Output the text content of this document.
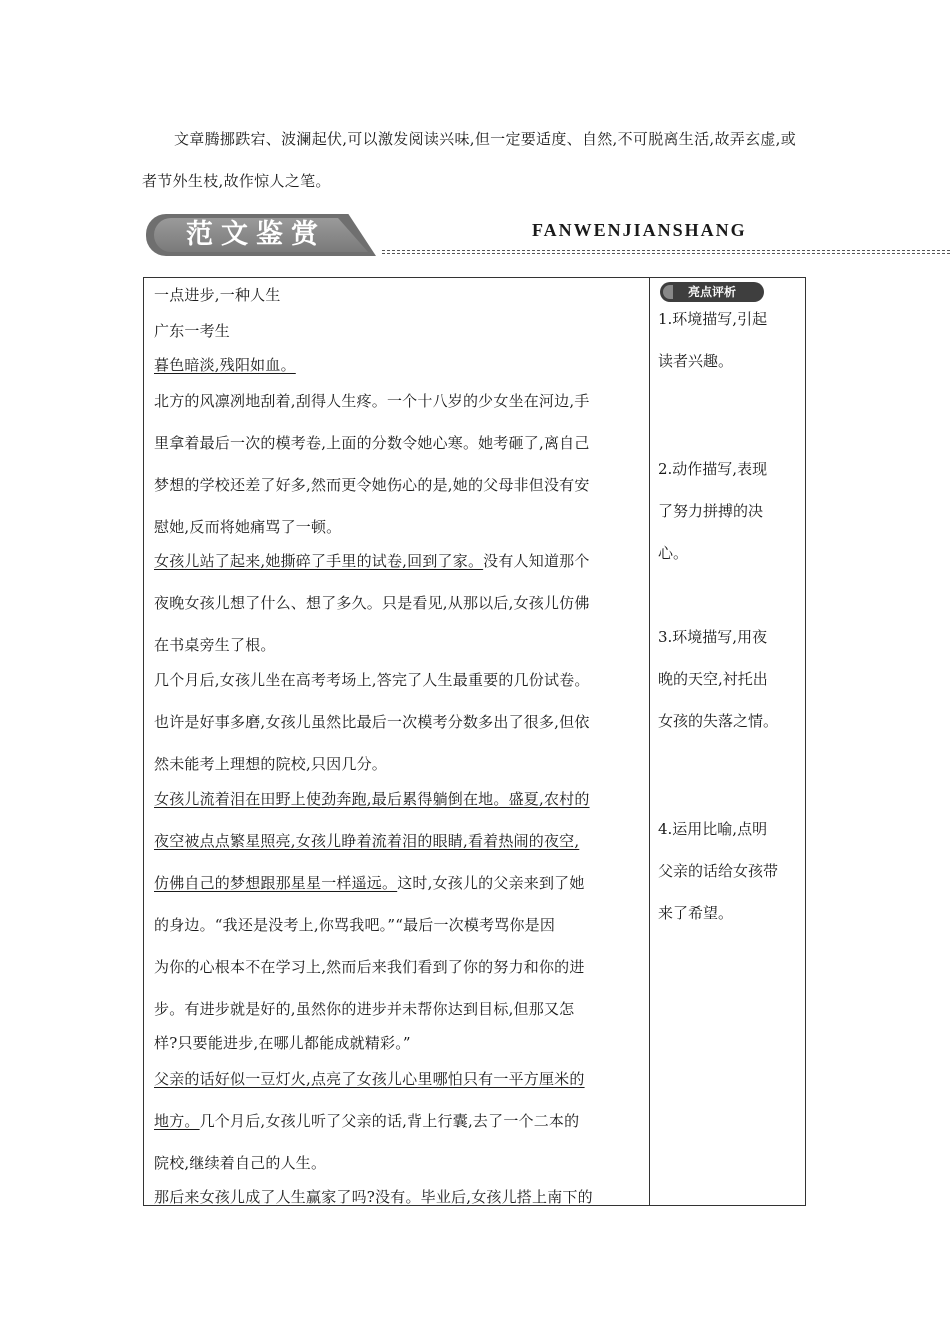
文章腾挪跌宕、波澜起伏,可以激发阅读兴味,但一定要适度、自然,不可脱离生活,故弄玄虚,或者节外生枝,故作惊人之笔。
范文鉴赏	FANWENJIANSHANG

一点进步,一种人生

广东一考生

暮色暗淡,残阳如血。

北方的风凛冽地刮着,刮得人生疼。一个十八岁的少女坐在河边,手

里拿着最后一次的模考卷,上面的分数令她心寒。她考砸了,离自己

梦想的学校还差了好多,然而更令她伤心的是,她的父母非但没有安

慰她,反而将她痛骂了一顿。

女孩儿站了起来,她撕碎了手里的试卷,回到了家。没有人知道那个

夜晚女孩儿想了什么、想了多久。只是看见,从那以后,女孩儿仿佛

在书桌旁生了根。

几个月后,女孩儿坐在高考考场上,答完了人生最重要的几份试卷。

也许是好事多磨,女孩儿虽然比最后一次模考分数多出了很多,但依

然未能考上理想的院校,只因几分。

女孩儿流着泪在田野上使劲奔跑,最后累得躺倒在地。盛夏,农村的

夜空被点点繁星照亮,女孩儿睁着流着泪的眼睛,看着热闹的夜空,

仿佛自己的梦想跟那星星一样遥远。这时,女孩儿的父亲来到了她

的身边。“我还是没考上,你骂我吧。”“最后一次模考骂你是因

为你的心根本不在学习上,然而后来我们看到了你的努力和你的进

步。有进步就是好的,虽然你的进步并未帮你达到目标,但那又怎

样?只要能进步,在哪儿都能成就精彩。”

父亲的话好似一豆灯火,点亮了女孩儿心里哪怕只有一平方厘米的

地方。几个月后,女孩儿听了父亲的话,背上行囊,去了一个二本的

院校,继续着自己的人生。

那后来女孩儿成了人生赢家了吗?没有。毕业后,女孩儿搭上南下的

亮点评析
1.环境描写,引起
读者兴趣。
2.动作描写,表现
了努力拼搏的决
心。
3.环境描写,用夜
晚的天空,衬托出
女孩的失落之情。
4.运用比喻,点明
父亲的话给女孩带
来了希望。
